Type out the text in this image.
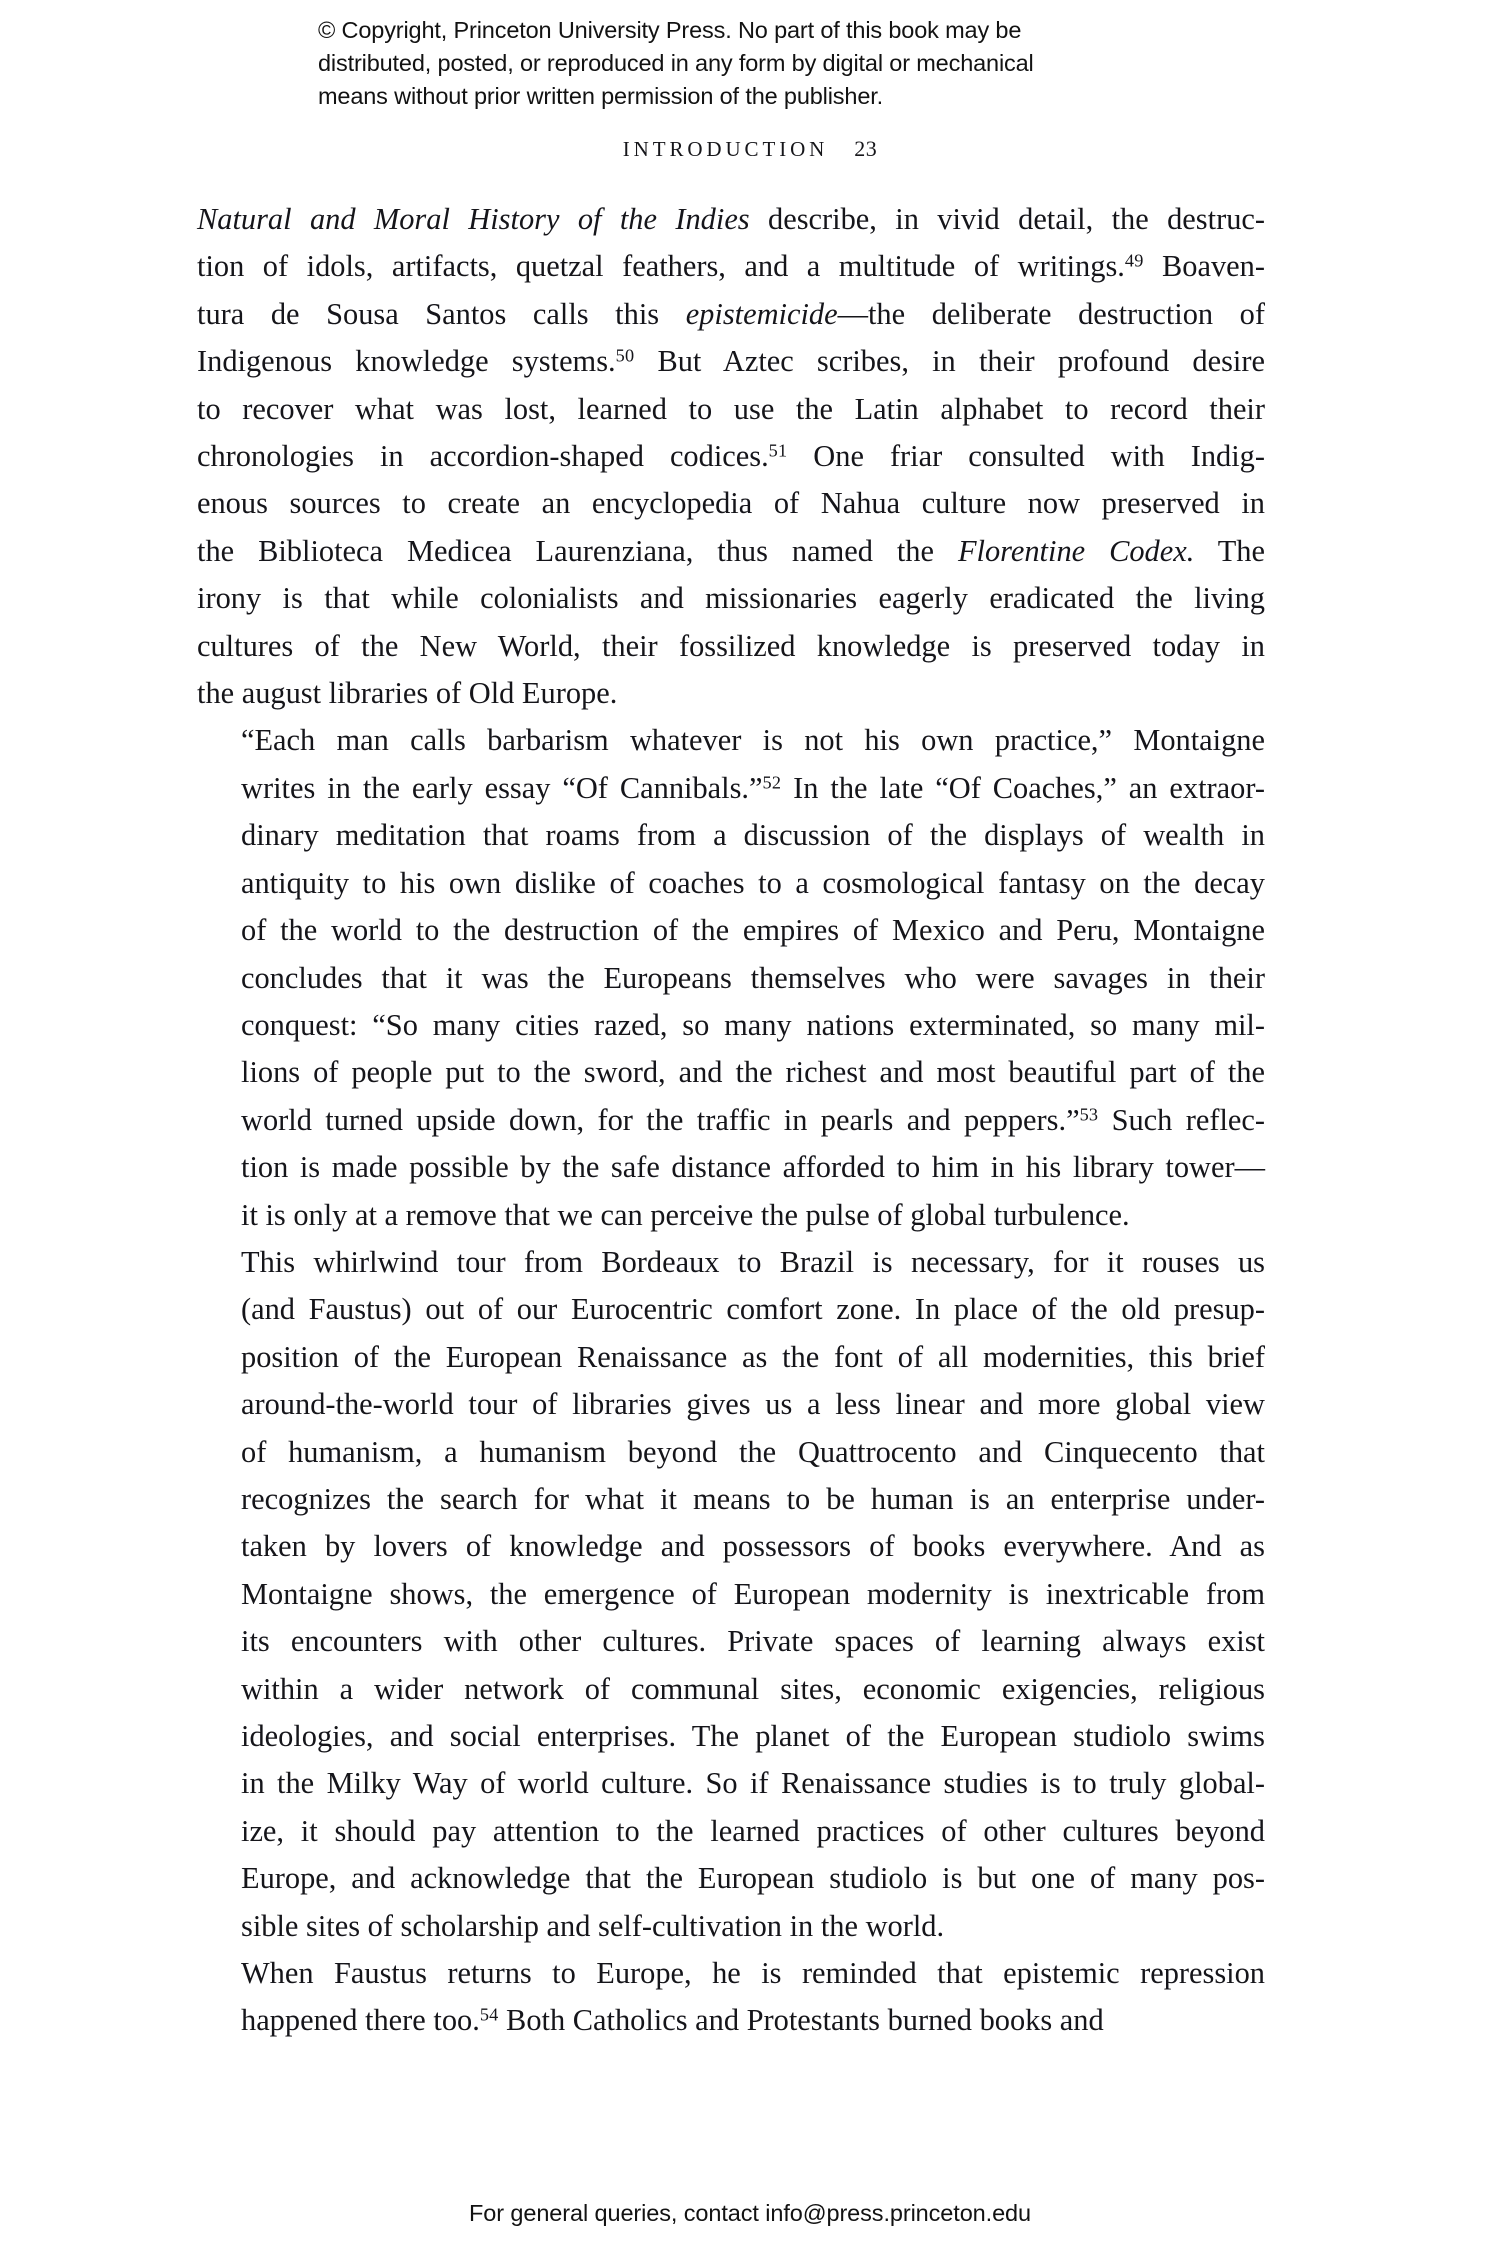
© Copyright, Princeton University Press. No part of this book may be
distributed, posted, or reproduced in any form by digital or mechanical
means without prior written permission of the publisher.
INTRODUCTION 23

Natural and Moral History of the Indies describe, in vivid detail, the destruc-
tion of idols, artifacts, quetzal feathers, and a multitude of writings.$^{49}$ Boaven-
tura de Sousa Santos calls this epistemicide—the deliberate destruction of
Indigenous knowledge systems.$^{50}$ But Aztec scribes, in their profound desire
to recover what was lost, learned to use the Latin alphabet to record their
chronologies in accordion-shaped codices.$^{51}$ One friar consulted with Indig-
enous sources to create an encyclopedia of Nahua culture now preserved in
the Biblioteca Medicea Laurenziana, thus named the Florentine Codex. The
irony is that while colonialists and missionaries eagerly eradicated the living
cultures of the New World, their fossilized knowledge is preserved today in
the august libraries of Old Europe.

“Each man calls barbarism whatever is not his own practice,” Montaigne
writes in the early essay “Of Cannibals.”$^{52}$ In the late “Of Coaches,” an extraor-
dinary meditation that roams from a discussion of the displays of wealth in
antiquity to his own dislike of coaches to a cosmological fantasy on the decay
of the world to the destruction of the empires of Mexico and Peru, Montaigne
concludes that it was the Europeans themselves who were savages in their
conquest: “So many cities razed, so many nations exterminated, so many mil-
lions of people put to the sword, and the richest and most beautiful part of the
world turned upside down, for the traffic in pearls and peppers.”$^{53}$ Such reflec-
tion is made possible by the safe distance afforded to him in his library tower—
it is only at a remove that we can perceive the pulse of global turbulence.

This whirlwind tour from Bordeaux to Brazil is necessary, for it rouses us
(and Faustus) out of our Eurocentric comfort zone. In place of the old presup-
position of the European Renaissance as the font of all modernities, this brief
around-the-world tour of libraries gives us a less linear and more global view
of humanism, a humanism beyond the Quattrocento and Cinquecento that
recognizes the search for what it means to be human is an enterprise under-
taken by lovers of knowledge and possessors of books everywhere. And as
Montaigne shows, the emergence of European modernity is inextricable from
its encounters with other cultures. Private spaces of learning always exist
within a wider network of communal sites, economic exigencies, religious
ideologies, and social enterprises. The planet of the European studiolo swims
in the Milky Way of world culture. So if Renaissance studies is to truly global-
ize, it should pay attention to the learned practices of other cultures beyond
Europe, and acknowledge that the European studiolo is but one of many pos-
sible sites of scholarship and self-cultivation in the world.

When Faustus returns to Europe, he is reminded that epistemic repression
happened there too.$^{54}$ Both Catholics and Protestants burned books and

For general queries, contact info@press.princeton.edu
